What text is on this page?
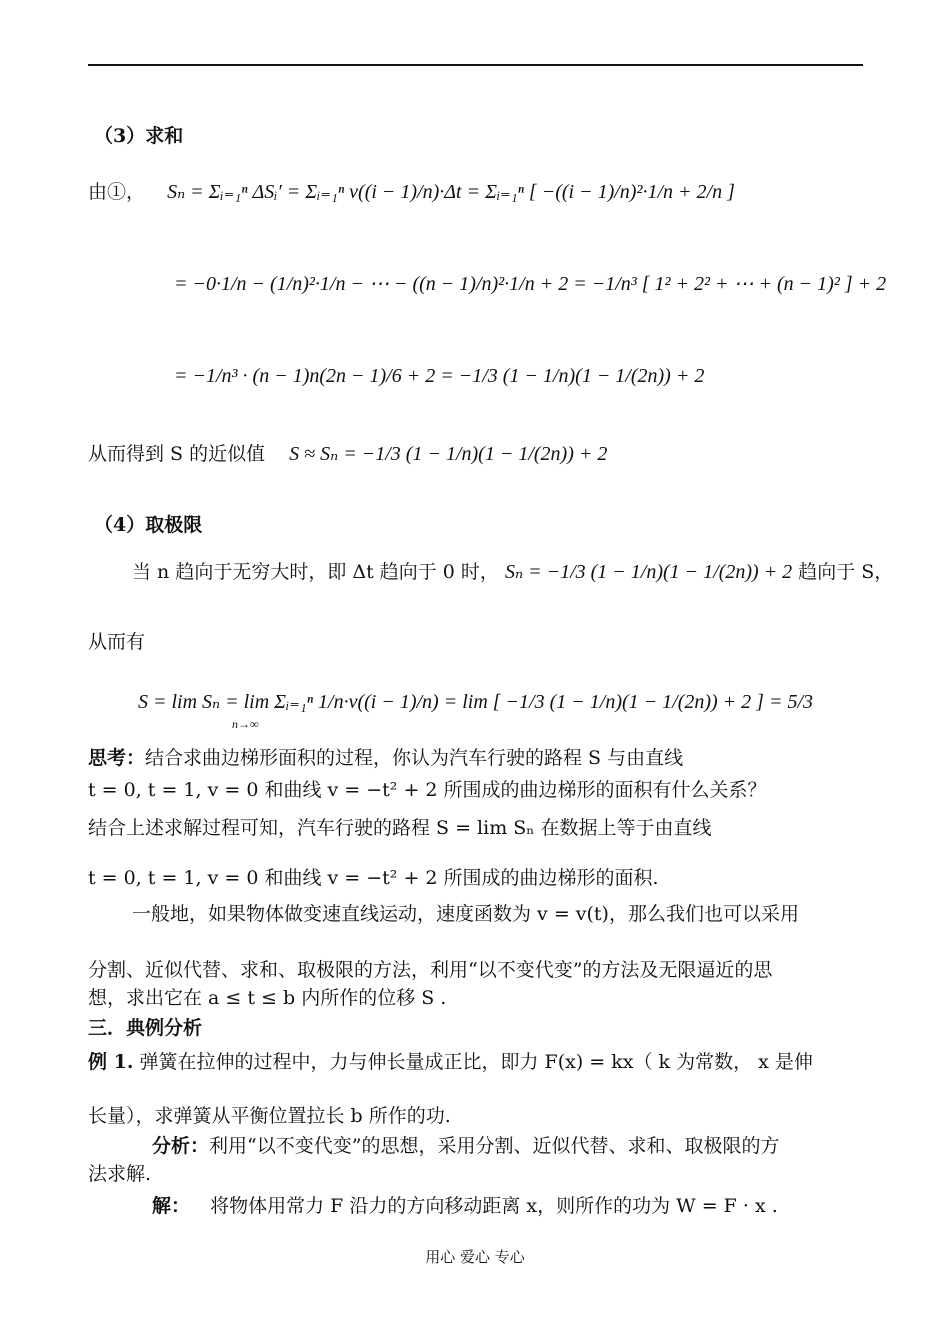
（3）求和
由①， Sₙ = Σᵢ₌₁ⁿ ΔSᵢ′ = Σᵢ₌₁ⁿ v((i − 1)/n)·Δt = Σᵢ₌₁ⁿ [ −((i − 1)/n)²·1/n + 2/n ]
= −0·1/n − (1/n)²·1/n − ⋯ − ((n − 1)/n)²·1/n + 2 = −1/n³ [ 1² + 2² + ⋯ + (n − 1)² ] + 2
= −1/n³ · (n − 1)n(2n − 1)/6 + 2 = −1/3 (1 − 1/n)(1 − 1/(2n)) + 2
从而得到 S 的近似值 S ≈ Sₙ = −1/3 (1 − 1/n)(1 − 1/(2n)) + 2
（4）取极限
当 n 趋向于无穷大时，即 Δt 趋向于 0 时， Sₙ = −1/3 (1 − 1/n)(1 − 1/(2n)) + 2 趋向于 S，
从而有
S = lim Sₙ = lim Σᵢ₌₁ⁿ 1/n·v((i − 1)/n) = lim [ −1/3 (1 − 1/n)(1 − 1/(2n)) + 2 ] = 5/3
n→∞
思考：结合求曲边梯形面积的过程，你认为汽车行驶的路程 S 与由直线
t = 0, t = 1, v = 0 和曲线 v = −t² + 2 所围成的曲边梯形的面积有什么关系？
结合上述求解过程可知，汽车行驶的路程 S = lim Sₙ 在数据上等于由直线
t = 0, t = 1, v = 0 和曲线 v = −t² + 2 所围成的曲边梯形的面积.
一般地，如果物体做变速直线运动，速度函数为 v = v(t)，那么我们也可以采用
分割、近似代替、求和、取极限的方法，利用“以不变代变”的方法及无限逼近的思
想，求出它在 a ≤ t ≤ b 内所作的位移 S .
三．典例分析
例 1. 弹簧在拉伸的过程中，力与伸长量成正比，即力 F(x) = kx（ k 为常数， x 是伸
长量），求弹簧从平衡位置拉长 b 所作的功.
分析：利用“以不变代变”的思想，采用分割、近似代替、求和、取极限的方
法求解.
解： 将物体用常力 F 沿力的方向移动距离 x，则所作的功为 W = F · x .
用心 爱心 专心
